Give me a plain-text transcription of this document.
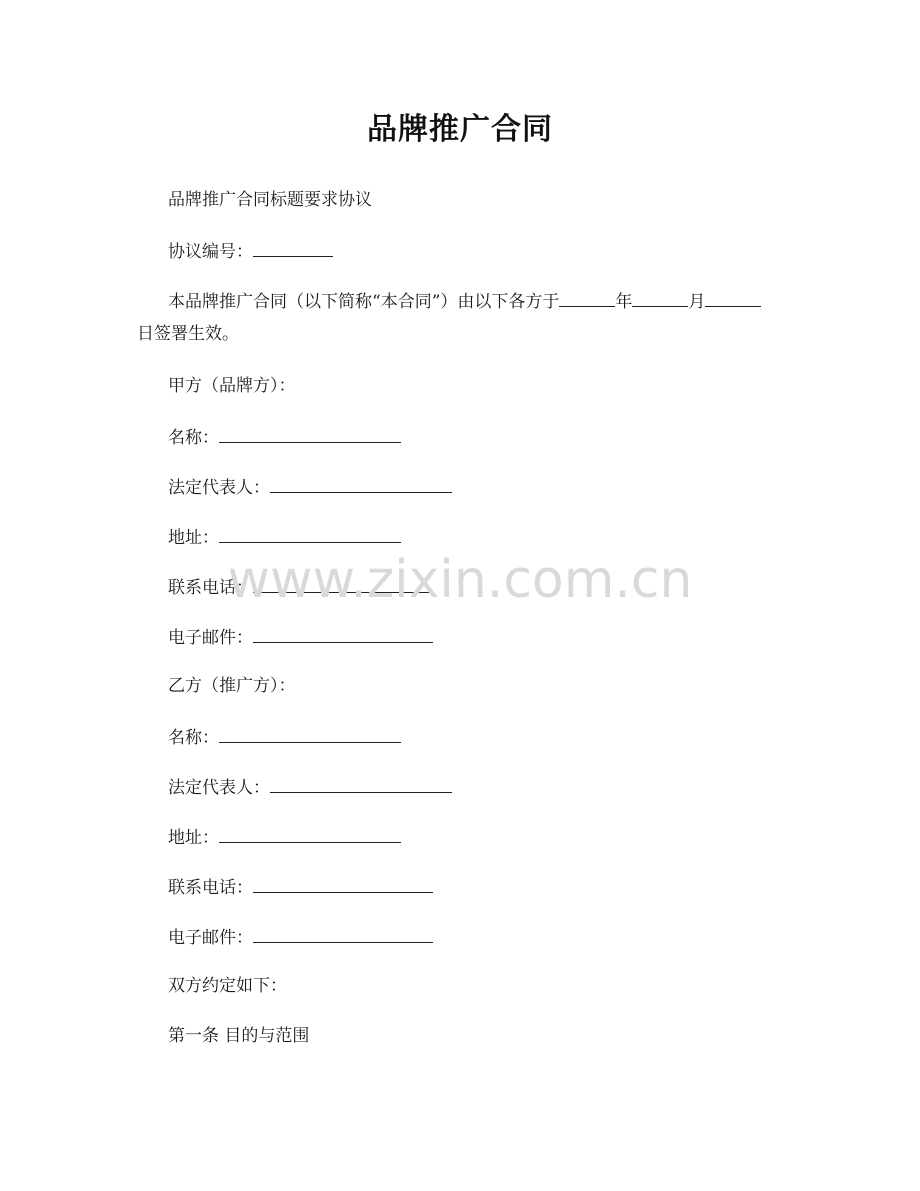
品牌推广合同
品牌推广合同标题要求协议
协议编号：
本品牌推广合同（以下简称“本合同”）由以下各方于	年	月
日签署生效。
甲方（品牌方）：
名称：
法定代表人：
地址：
联系电话：
电子邮件：
乙方（推广方）：
名称：
法定代表人：
地址：
联系电话：
电子邮件：
双方约定如下：
第一条 目的与范围
www.zixin.com.cn
